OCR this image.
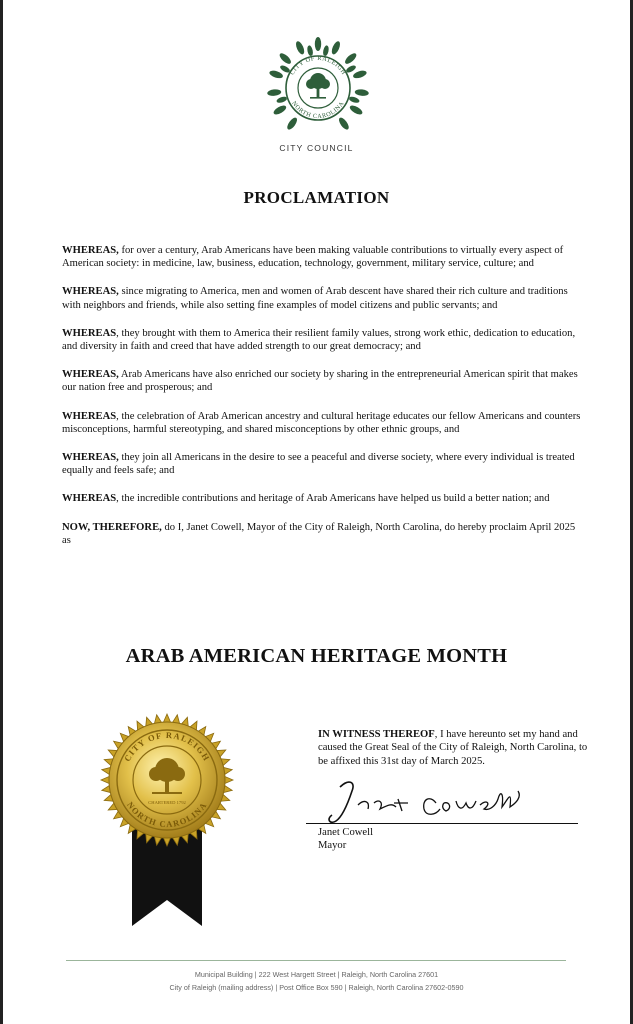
CITY OF RALEIGH
NORTH CAROLINA
CITY COUNCIL
PROCLAMATION

WHEREAS, for over a century, Arab Americans have been making valuable contributions to virtually every aspect of American society: in medicine, law, business, education, technology, government, military service, culture; and

WHEREAS, since migrating to America, men and women of Arab descent have shared their rich culture and traditions with neighbors and friends, while also setting fine examples of model citizens and public servants; and

WHEREAS, they brought with them to America their resilient family values, strong work ethic, dedication to education, and diversity in faith and creed that have added strength to our great democracy; and

WHEREAS, Arab Americans have also enriched our society by sharing in the entrepreneurial American spirit that makes our nation free and prosperous; and

WHEREAS, the celebration of Arab American ancestry and cultural heritage educates our fellow Americans and counters misconceptions, harmful stereotyping, and shared misconceptions by other ethnic groups, and

WHEREAS, they join all Americans in the desire to see a peaceful and diverse society, where every individual is treated equally and feels safe; and

WHEREAS, the incredible contributions and heritage of Arab Americans have helped us build a better nation; and

NOW, THEREFORE, do I, Janet Cowell, Mayor of the City of Raleigh, North Carolina, do hereby proclaim April 2025 as

ARAB AMERICAN HERITAGE MONTH
CITY OF RALEIGH
NORTH CAROLINA
CHARTERED 1792
IN WITNESS THEREOF, I have hereunto set my hand and caused the Great Seal of the City of Raleigh, North Carolina, to be affixed this 31st day of March 2025.
Janet Cowell
Mayor
Municipal Building | 222 West Hargett Street | Raleigh, North Carolina 27601
City of Raleigh (mailing address) | Post Office Box 590 | Raleigh, North Carolina 27602-0590
